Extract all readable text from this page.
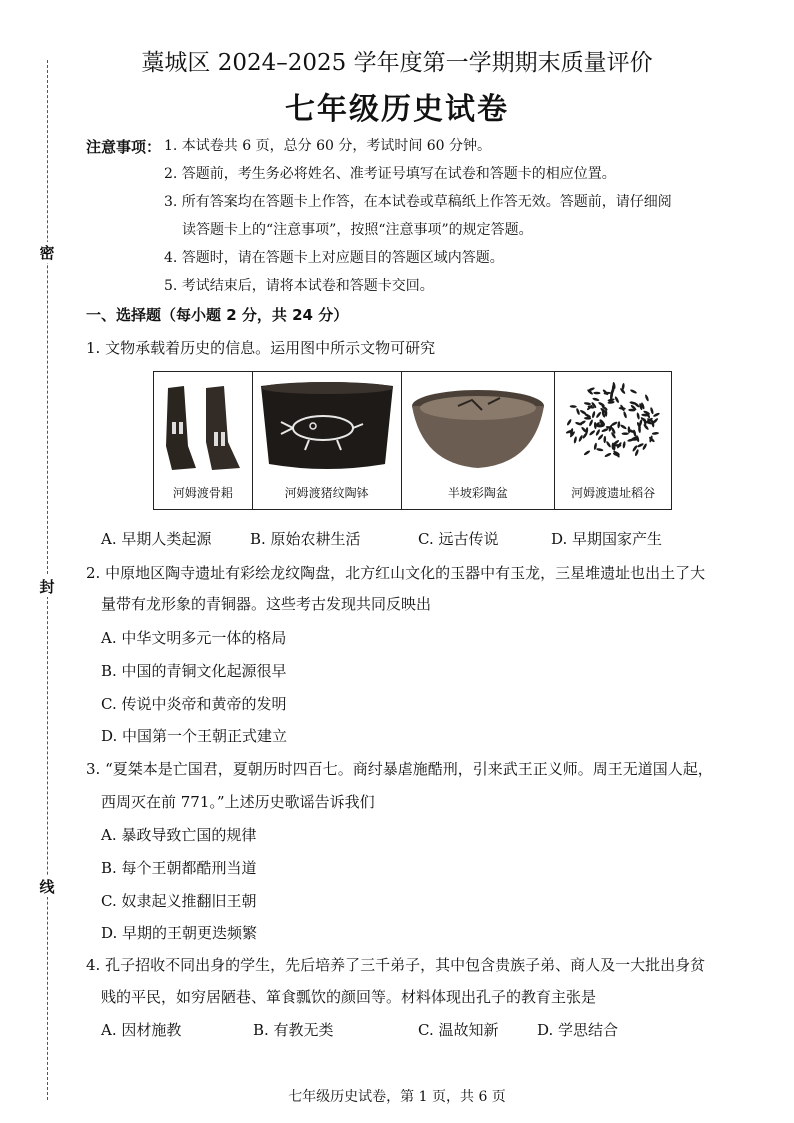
密
封
线
藁城区 2024–2025 学年度第一学期期末质量评价
七年级历史试卷
注意事项： 1. 本试卷共 6 页，总分 60 分，考试时间 60 分钟。
2. 答题前，考生务必将姓名、准考证号填写在试卷和答题卡的相应位置。
3. 所有答案均在答题卡上作答，在本试卷或草稿纸上作答无效。答题前，请仔细阅
读答题卡上的“注意事项”，按照“注意事项”的规定答题。
4. 答题时，请在答题卡上对应题目的答题区域内答题。
5. 考试结束后，请将本试卷和答题卡交回。
一、选择题（每小题 2 分，共 24 分）
1. 文物承载着历史的信息。运用图中所示文物可研究
河姆渡骨耜	河姆渡猪纹陶钵	半坡彩陶盆	河姆渡遗址稻谷
A. 早期人类起源	B. 原始农耕生活	C. 远古传说	D. 早期国家产生
2. 中原地区陶寺遗址有彩绘龙纹陶盘，北方红山文化的玉器中有玉龙，三星堆遗址也出土了大
量带有龙形象的青铜器。这些考古发现共同反映出
A. 中华文明多元一体的格局
B. 中国的青铜文化起源很早
C. 传说中炎帝和黄帝的发明
D. 中国第一个王朝正式建立
3. “夏桀本是亡国君，夏朝历时四百七。商纣暴虐施酷刑，引来武王正义师。周王无道国人起，
西周灭在前 771。”上述历史歌谣告诉我们
A. 暴政导致亡国的规律
B. 每个王朝都酷刑当道
C. 奴隶起义推翻旧王朝
D. 早期的王朝更迭频繁
4. 孔子招收不同出身的学生，先后培养了三千弟子，其中包含贵族子弟、商人及一大批出身贫
贱的平民，如穷居陋巷、箪食瓢饮的颜回等。材料体现出孔子的教育主张是
A. 因材施教	B. 有教无类	C. 温故知新	D. 学思结合
七年级历史试卷，第 1 页，共 6 页
